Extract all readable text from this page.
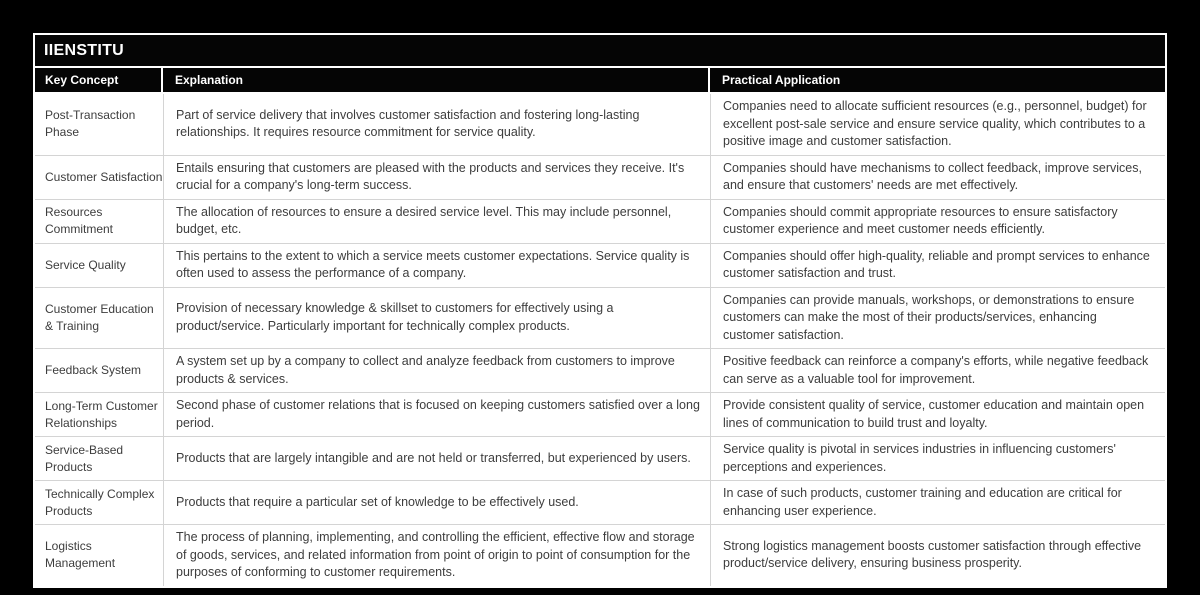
IIENSTITU
Key Concept	Explanation	Practical Application
Post-Transaction Phase
Part of service delivery that involves customer satisfaction and fostering long-lasting relationships. It requires resource commitment for service quality.
Companies need to allocate sufficient resources (e.g., personnel, budget) for excellent post-sale service and ensure service quality, which contributes to a positive image and customer satisfaction.
Customer Satisfaction
Entails ensuring that customers are pleased with the products and services they receive. It's crucial for a company's long-term success.
Companies should have mechanisms to collect feedback, improve services, and ensure that customers' needs are met effectively.
Resources Commitment
The allocation of resources to ensure a desired service level. This may include personnel, budget, etc.
Companies should commit appropriate resources to ensure satisfactory customer experience and meet customer needs efficiently.
Service Quality
This pertains to the extent to which a service meets customer expectations. Service quality is often used to assess the performance of a company.
Companies should offer high-quality, reliable and prompt services to enhance customer satisfaction and trust.
Customer Education & Training
Provision of necessary knowledge & skillset to customers for effectively using a product/service. Particularly important for technically complex products.
Companies can provide manuals, workshops, or demonstrations to ensure customers can make the most of their products/services, enhancing customer satisfaction.
Feedback System
A system set up by a company to collect and analyze feedback from customers to improve products & services.
Positive feedback can reinforce a company's efforts, while negative feedback can serve as a valuable tool for improvement.
Long-Term Customer Relationships
Second phase of customer relations that is focused on keeping customers satisfied over a long period.
Provide consistent quality of service, customer education and maintain open lines of communication to build trust and loyalty.
Service-Based Products
Products that are largely intangible and are not held or transferred, but experienced by users.
Service quality is pivotal in services industries in influencing customers' perceptions and experiences.
Technically Complex Products
Products that require a particular set of knowledge to be effectively used.
In case of such products, customer training and education are critical for enhancing user experience.
Logistics Management
The process of planning, implementing, and controlling the efficient, effective flow and storage of goods, services, and related information from point of origin to point of consumption for the purposes of conforming to customer requirements.
Strong logistics management boosts customer satisfaction through effective product/service delivery, ensuring business prosperity.
